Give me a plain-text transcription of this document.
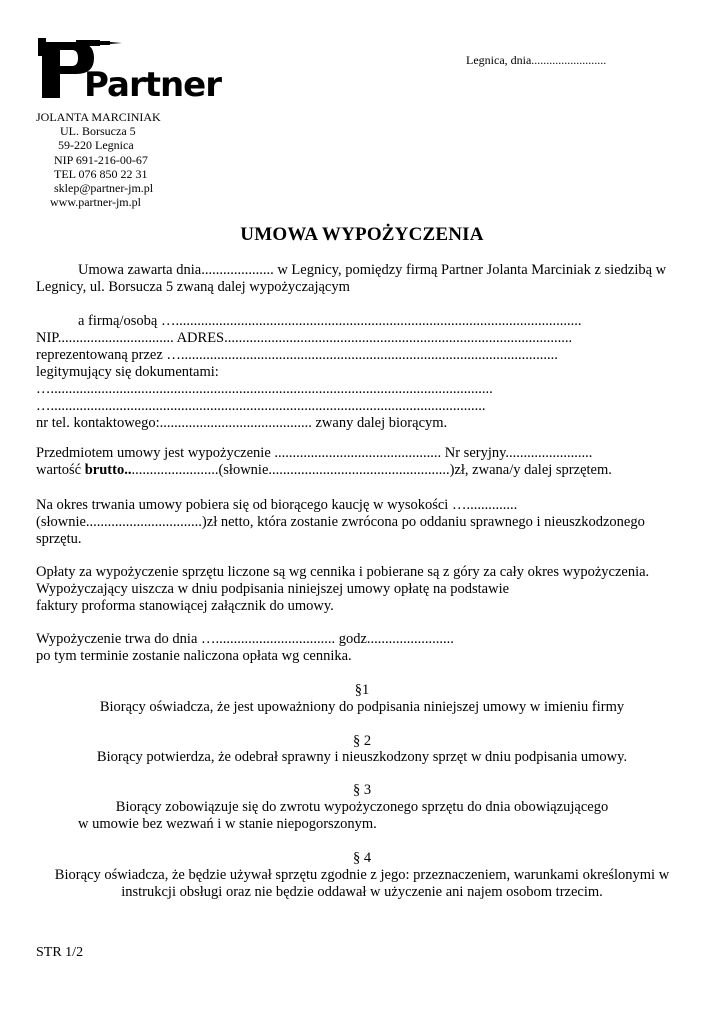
Partner
Legnica, dnia.........................
JOLANTA MARCINIAK
UL. Borsucza 5
59-220 Legnica
NIP 691-216-00-67
TEL 076 850 22 31
sklep@partner-jm.pl
www.partner-jm.pl
UMOWA WYPOŻYCZENIA
Umowa zawarta dnia.................... w Legnicy, pomiędzy firmą Partner Jolanta Marciniak z siedzibą w
Legnicy, ul. Borsucza 5 zwaną dalej wypożyczającym
a firmą/osobą …................................................................................................................
NIP................................ ADRES................................................................................................
reprezentowaną przez …........................................................................................................
legitymujący się dokumentami:
…..........................................................................................................................
…........................................................................................................................
nr tel. kontaktowego:.......................................... zwany dalej biorącym.
Przedmiotem umowy jest wypożyczenie .............................................. Nr seryjny........................
wartość brutto..........................(słownie..................................................)zł, zwana/y dalej sprzętem.
Na okres trwania umowy pobiera się od biorącego kaucję w wysokości …..............
(słownie................................)zł netto, która zostanie zwrócona po oddaniu sprawnego i nieuszkodzonego
sprzętu.
Opłaty za wypożyczenie sprzętu liczone są wg cennika i pobierane są z góry za cały okres wypożyczenia.
Wypożyczający uiszcza w dniu podpisania niniejszej umowy opłatę na podstawie
faktury proforma stanowiącej załącznik do umowy.
Wypożyczenie trwa do dnia …................................. godz........................
po tym terminie zostanie naliczona opłata wg cennika.
§1
Biorący oświadcza, że jest upoważniony do podpisania niniejszej umowy w imieniu firmy
§ 2
Biorący potwierdza, że odebrał sprawny i nieuszkodzony sprzęt w dniu podpisania umowy.
§ 3
Biorący zobowiązuje się do zwrotu wypożyczonego sprzętu do dnia obowiązującego
w umowie bez wezwań i w stanie niepogorszonym.
§ 4
Biorący oświadcza, że będzie używał sprzętu zgodnie z jego: przeznaczeniem, warunkami określonymi w
instrukcji obsługi oraz nie będzie oddawał w użyczenie ani najem osobom trzecim.
STR 1/2
